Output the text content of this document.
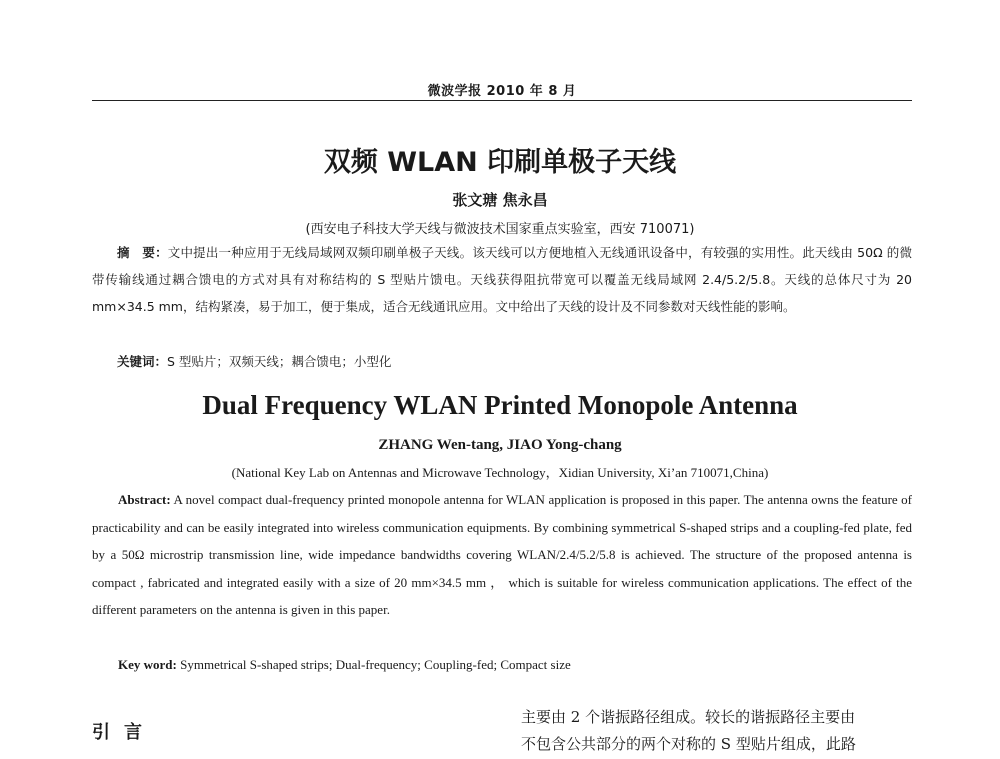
微波学报 2010 年 8 月
双频 WLAN 印刷单极子天线
张文瑭 焦永昌
(西安电子科技大学天线与微波技术国家重点实验室，西安 710071)
摘　要：文中提出一种应用于无线局域网双频印刷单极子天线。该天线可以方便地植入无线通讯设备中，有较强的实用性。此天线由 50Ω 的微带传输线通过耦合馈电的方式对具有对称结构的 S 型贴片馈电。天线获得阻抗带宽可以覆盖无线局域网 2.4/5.2/5.8。天线的总体尺寸为 20 mm×34.5 mm，结构紧凑，易于加工，便于集成，适合无线通讯应用。文中给出了天线的设计及不同参数对天线性能的影响。
关键词：S 型贴片；双频天线；耦合馈电；小型化
Dual Frequency WLAN Printed Monopole Antenna
ZHANG Wen-tang, JIAO Yong-chang
(National Key Lab on Antennas and Microwave Technology，Xidian University, Xi’an 710071,China)
Abstract: A novel compact dual-frequency printed monopole antenna for WLAN application is proposed in this paper. The antenna owns the feature of practicability and can be easily integrated into wireless communication equipments. By combining symmetrical S-shaped strips and a coupling-fed plate, fed by a 50Ω microstrip transmission line, wide impedance bandwidths covering WLAN/2.4/5.2/5.8 is achieved. The structure of the proposed antenna is compact , fabricated and integrated easily with a size of 20 mm×34.5 mm ， which is suitable for wireless communication applications. The effect of the different parameters on the antenna is given in this paper.
Key word: Symmetrical S-shaped strips; Dual-frequency; Coupling-fed; Compact size
引言
主要由 2 个谐振路径组成。较长的谐振路径主要由
不包含公共部分的两个对称的 S 型贴片组成，此路
